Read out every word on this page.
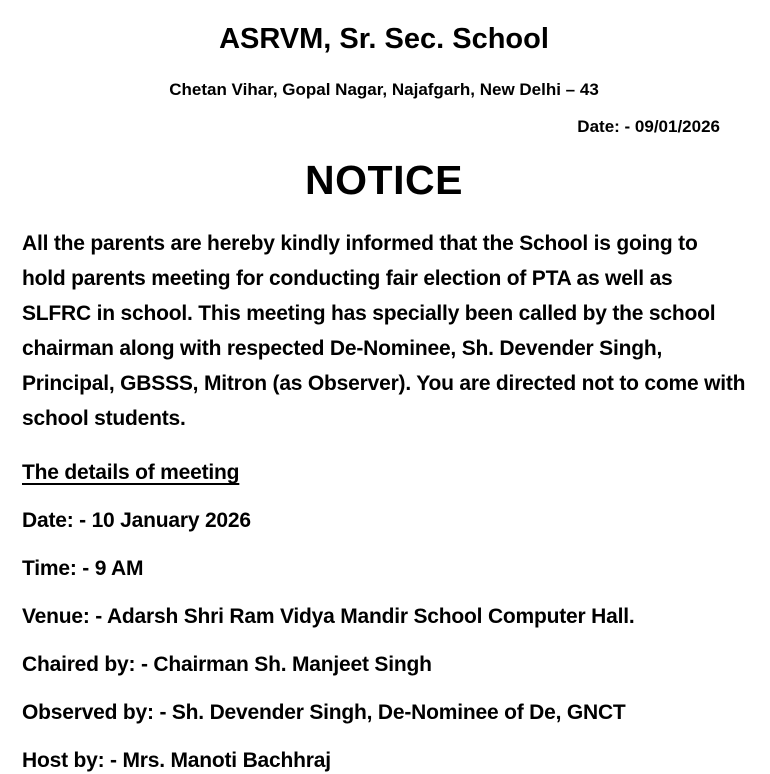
ASRVM, Sr. Sec. School

Chetan Vihar, Gopal Nagar, Najafgarh, New Delhi – 43

Date: - 09/01/2026

NOTICE

All the parents are hereby kindly informed that the School is going to hold parents meeting for conducting fair election of PTA as well as SLFRC in school. This meeting has specially been called by the school chairman along with respected De-Nominee, Sh. Devender Singh, Principal, GBSSS, Mitron (as Observer). You are directed not to come with school students.

The details of meeting

Date: - 10 January 2026

Time: - 9 AM

Venue: - Adarsh Shri Ram Vidya Mandir School Computer Hall.

Chaired by: - Chairman Sh. Manjeet Singh

Observed by: - Sh. Devender Singh, De-Nominee of De, GNCT

Host by: - Mrs. Manoti Bachhraj
